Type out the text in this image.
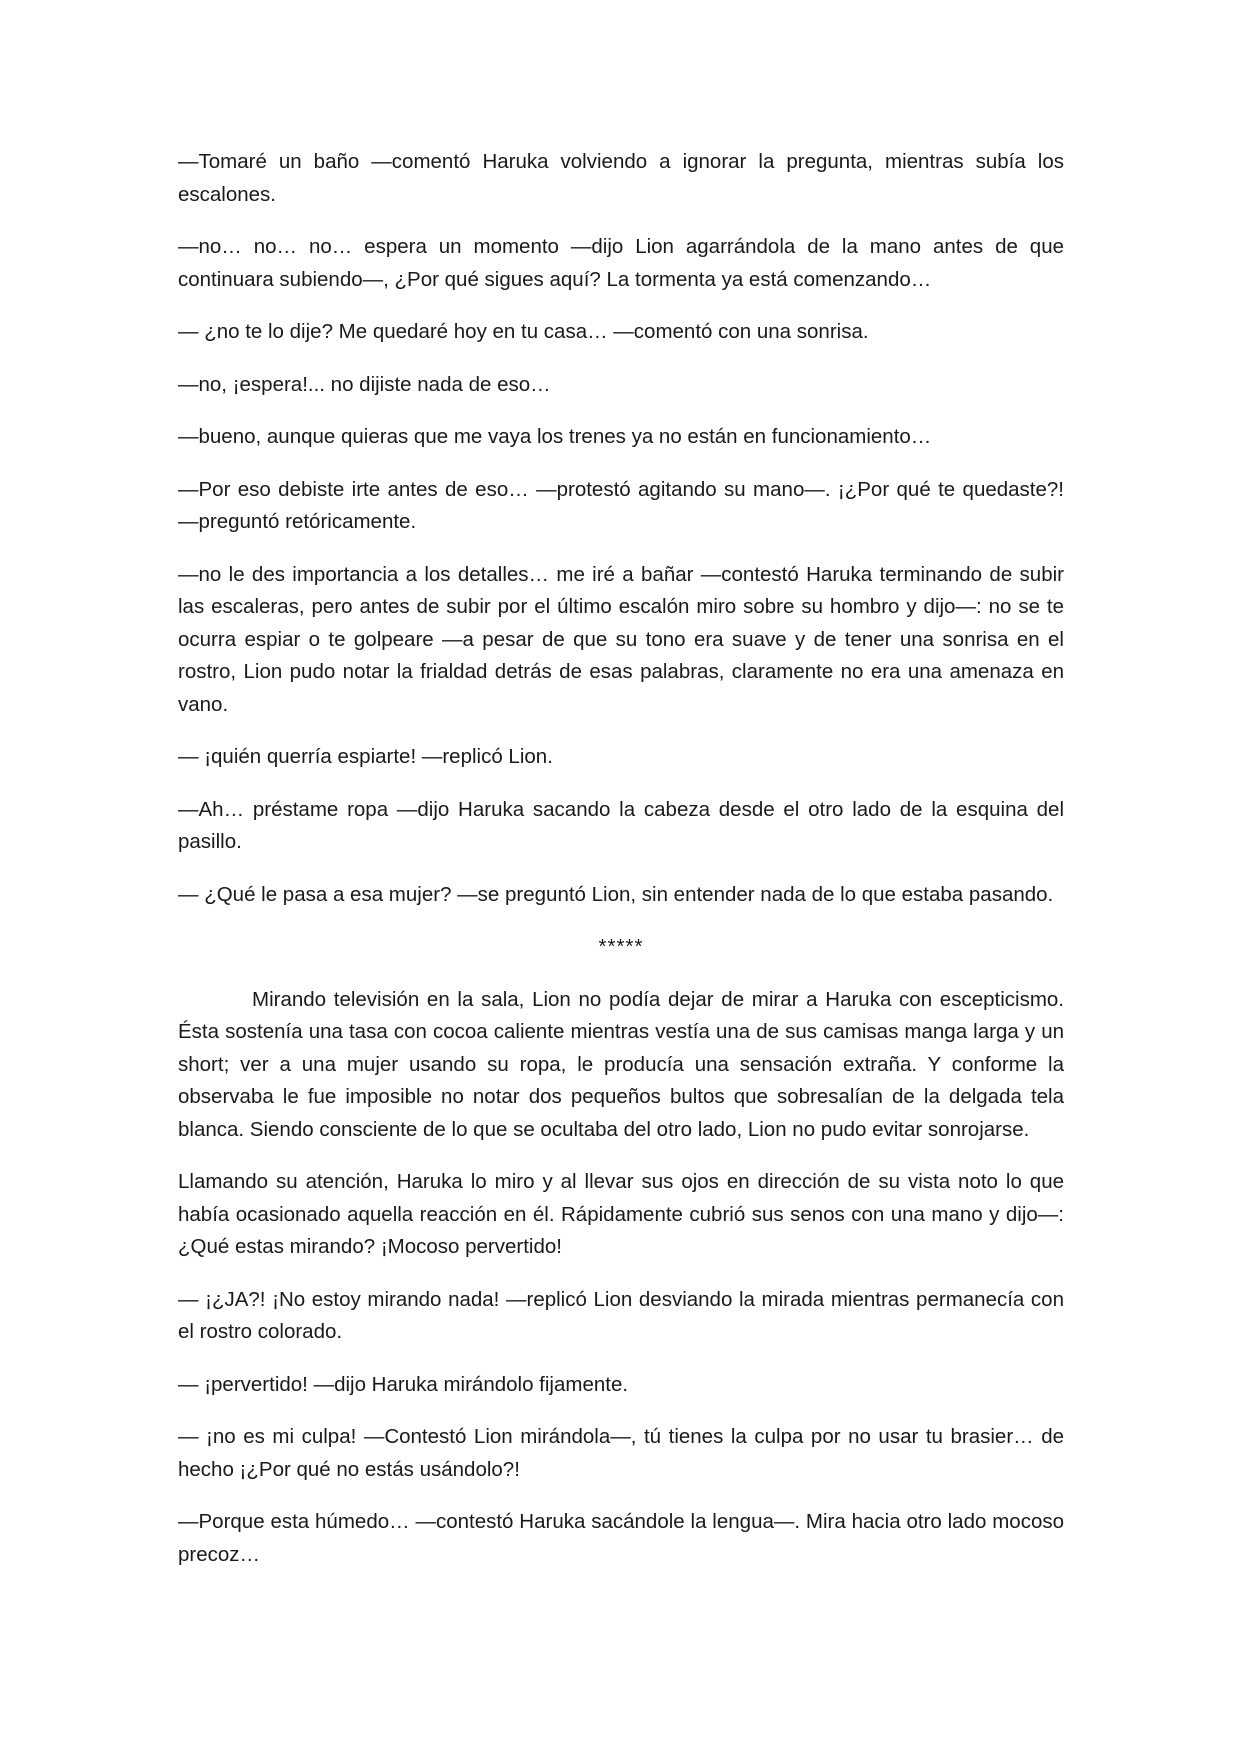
—Tomaré un baño —comentó Haruka volviendo a ignorar la pregunta, mientras subía los escalones.

—no… no… no… espera un momento —dijo Lion agarrándola de la mano antes de que continuara subiendo—, ¿Por qué sigues aquí? La tormenta ya está comenzando…

— ¿no te lo dije? Me quedaré hoy en tu casa… —comentó con una sonrisa.

—no, ¡espera!... no dijiste nada de eso…

—bueno, aunque quieras que me vaya los trenes ya no están en funcionamiento…

—Por eso debiste irte antes de eso… —protestó agitando su mano—. ¡¿Por qué te quedaste?! —preguntó retóricamente.

—no le des importancia a los detalles… me iré a bañar —contestó Haruka terminando de subir las escaleras, pero antes de subir por el último escalón miro sobre su hombro y dijo—: no se te ocurra espiar o te golpeare —a pesar de que su tono era suave y de tener una sonrisa en el rostro, Lion pudo notar la frialdad detrás de esas palabras, claramente no era una amenaza en vano.

— ¡quién querría espiarte! —replicó Lion.

—Ah… préstame ropa —dijo Haruka sacando la cabeza desde el otro lado de la esquina del pasillo.

— ¿Qué le pasa a esa mujer? —se preguntó Lion, sin entender nada de lo que estaba pasando.

*****

Mirando televisión en la sala, Lion no podía dejar de mirar a Haruka con escepticismo. Ésta sostenía una tasa con cocoa caliente mientras vestía una de sus camisas manga larga y un short; ver a una mujer usando su ropa, le producía una sensación extraña. Y conforme la observaba le fue imposible no notar dos pequeños bultos que sobresalían de la delgada tela blanca. Siendo consciente de lo que se ocultaba del otro lado, Lion no pudo evitar sonrojarse.

Llamando su atención, Haruka lo miro y al llevar sus ojos en dirección de su vista noto lo que había ocasionado aquella reacción en él. Rápidamente cubrió sus senos con una mano y dijo—: ¿Qué estas mirando? ¡Mocoso pervertido!

— ¡¿JA?! ¡No estoy mirando nada! —replicó Lion desviando la mirada mientras permanecía con el rostro colorado.

— ¡pervertido! —dijo Haruka mirándolo fijamente.

— ¡no es mi culpa! —Contestó Lion mirándola—, tú tienes la culpa por no usar tu brasier… de hecho ¡¿Por qué no estás usándolo?!

—Porque esta húmedo… —contestó Haruka sacándole la lengua—. Mira hacia otro lado mocoso precoz…
